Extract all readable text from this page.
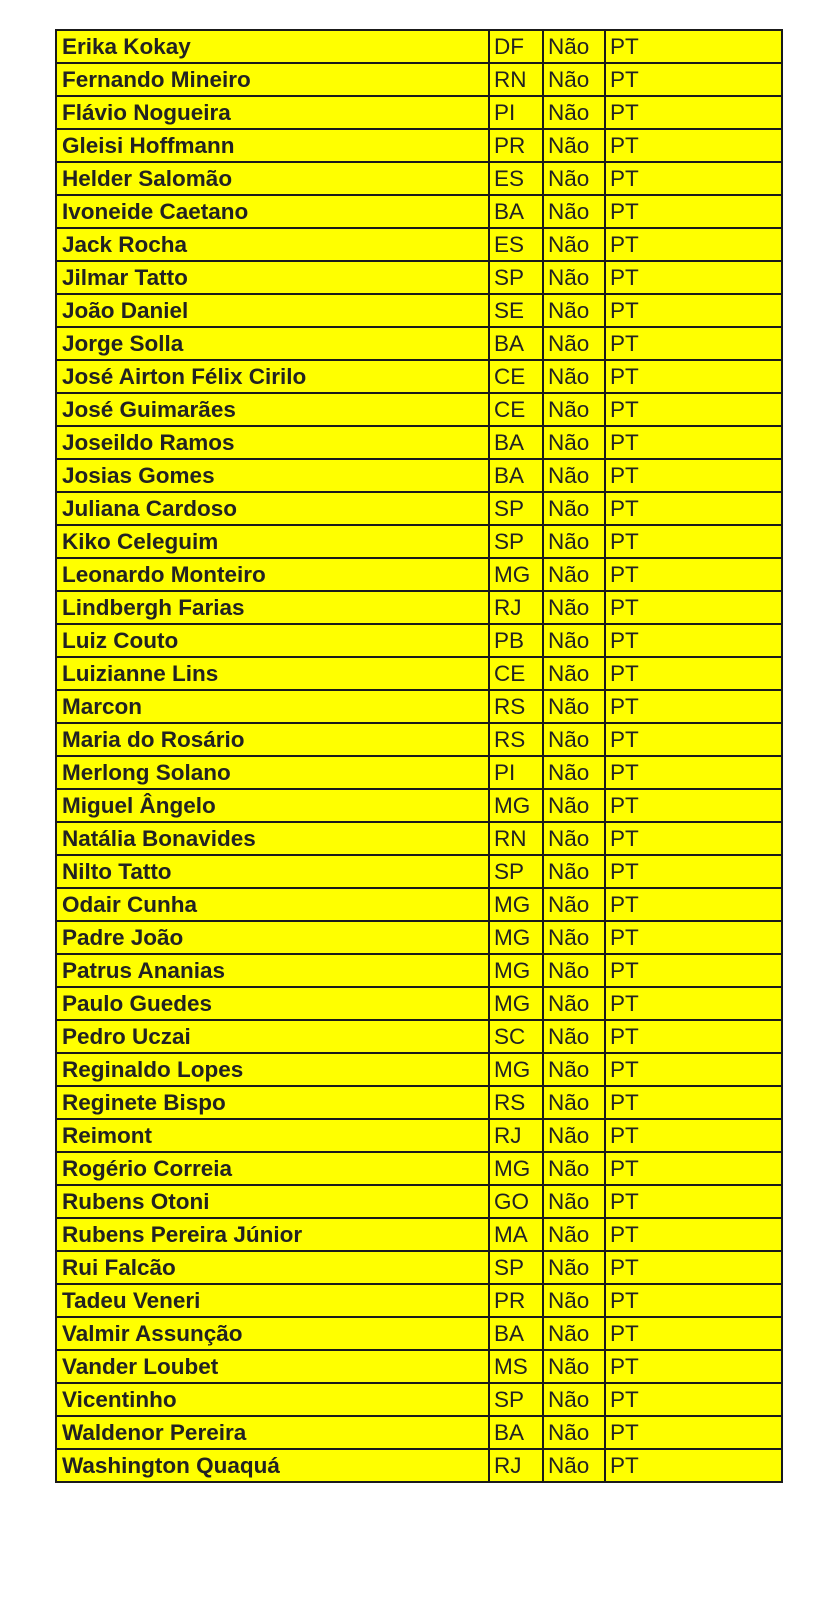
Erika Kokay	DF	Não	PT
Fernando Mineiro	RN	Não	PT
Flávio Nogueira	PI	Não	PT
Gleisi Hoffmann	PR	Não	PT
Helder Salomão	ES	Não	PT
Ivoneide Caetano	BA	Não	PT
Jack Rocha	ES	Não	PT
Jilmar Tatto	SP	Não	PT
João Daniel	SE	Não	PT
Jorge Solla	BA	Não	PT
José Airton Félix Cirilo	CE	Não	PT
José Guimarães	CE	Não	PT
Joseildo Ramos	BA	Não	PT
Josias Gomes	BA	Não	PT
Juliana Cardoso	SP	Não	PT
Kiko Celeguim	SP	Não	PT
Leonardo Monteiro	MG	Não	PT
Lindbergh Farias	RJ	Não	PT
Luiz Couto	PB	Não	PT
Luizianne Lins	CE	Não	PT
Marcon	RS	Não	PT
Maria do Rosário	RS	Não	PT
Merlong Solano	PI	Não	PT
Miguel Ângelo	MG	Não	PT
Natália Bonavides	RN	Não	PT
Nilto Tatto	SP	Não	PT
Odair Cunha	MG	Não	PT
Padre João	MG	Não	PT
Patrus Ananias	MG	Não	PT
Paulo Guedes	MG	Não	PT
Pedro Uczai	SC	Não	PT
Reginaldo Lopes	MG	Não	PT
Reginete Bispo	RS	Não	PT
Reimont	RJ	Não	PT
Rogério Correia	MG	Não	PT
Rubens Otoni	GO	Não	PT
Rubens Pereira Júnior	MA	Não	PT
Rui Falcão	SP	Não	PT
Tadeu Veneri	PR	Não	PT
Valmir Assunção	BA	Não	PT
Vander Loubet	MS	Não	PT
Vicentinho	SP	Não	PT
Waldenor Pereira	BA	Não	PT
Washington Quaquá	RJ	Não	PT
